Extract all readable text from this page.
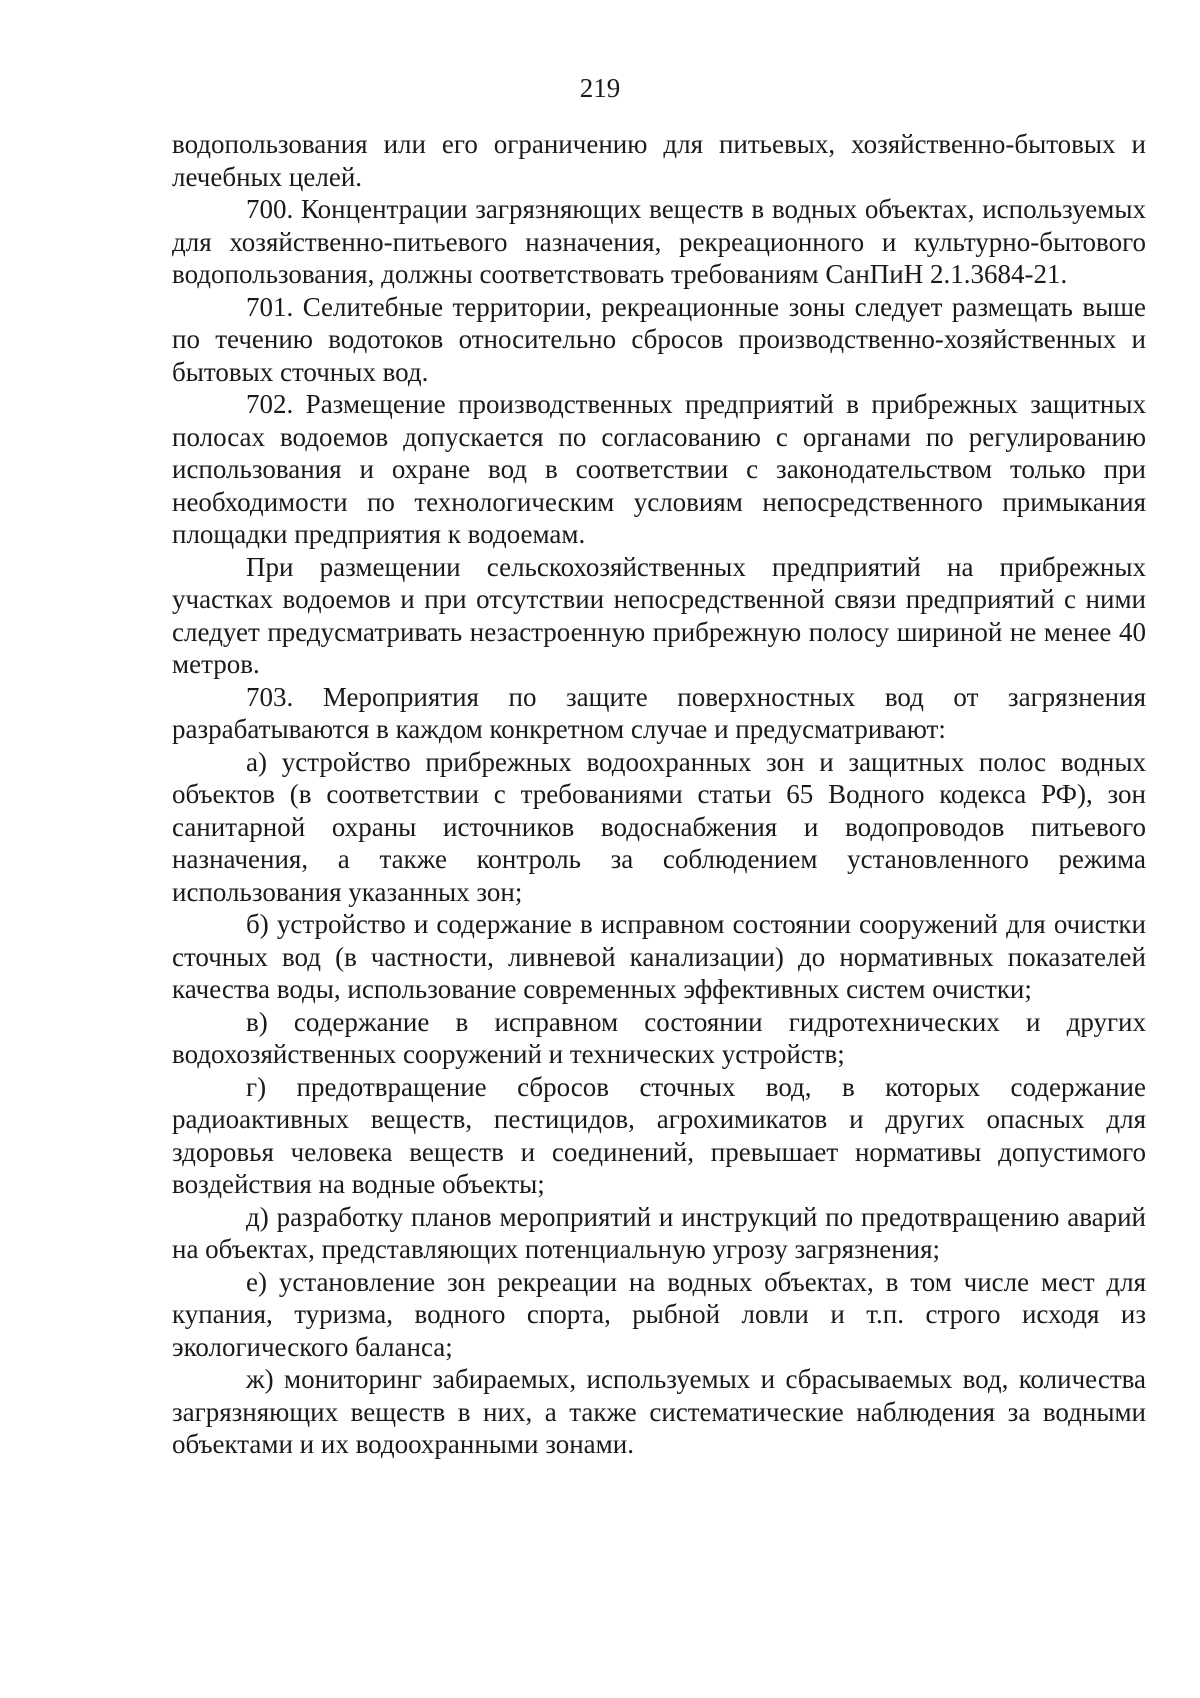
219

водопользования или его ограничению для питьевых, хозяйственно-бытовых и лечебных целей.

700. Концентрации загрязняющих веществ в водных объектах, используемых для хозяйственно-питьевого назначения, рекреационного и культурно-бытового водопользования, должны соответствовать требованиям СанПиН 2.1.3684-21.

701. Селитебные территории, рекреационные зоны следует размещать выше по течению водотоков относительно сбросов производственно-хозяйственных и бытовых сточных вод.

702. Размещение производственных предприятий в прибрежных защитных полосах водоемов допускается по согласованию с органами по регулированию использования и охране вод в соответствии с законодательством только при необходимости по технологическим условиям непосредственного примыкания площадки предприятия к водоемам.

При размещении сельскохозяйственных предприятий на прибрежных участках водоемов и при отсутствии непосредственной связи предприятий с ними следует предусматривать незастроенную прибрежную полосу шириной не менее 40 метров.

703. Мероприятия по защите поверхностных вод от загрязнения разрабатываются в каждом конкретном случае и предусматривают:

а) устройство прибрежных водоохранных зон и защитных полос водных объектов (в соответствии с требованиями статьи 65 Водного кодекса РФ), зон санитарной охраны источников водоснабжения и водопроводов питьевого назначения, а также контроль за соблюдением установленного режима использования указанных зон;

б) устройство и содержание в исправном состоянии сооружений для очистки сточных вод (в частности, ливневой канализации) до нормативных показателей качества воды, использование современных эффективных систем очистки;

в) содержание в исправном состоянии гидротехнических и других водохозяйственных сооружений и технических устройств;

г) предотвращение сбросов сточных вод, в которых содержание радиоактивных веществ, пестицидов, агрохимикатов и других опасных для здоровья человека веществ и соединений, превышает нормативы допустимого воздействия на водные объекты;

д) разработку планов мероприятий и инструкций по предотвращению аварий на объектах, представляющих потенциальную угрозу загрязнения;

е) установление зон рекреации на водных объектах, в том числе мест для купания, туризма, водного спорта, рыбной ловли и т.п. строго исходя из экологического баланса;

ж) мониторинг забираемых, используемых и сбрасываемых вод, количества загрязняющих веществ в них, а также систематические наблюдения за водными объектами и их водоохранными зонами.
